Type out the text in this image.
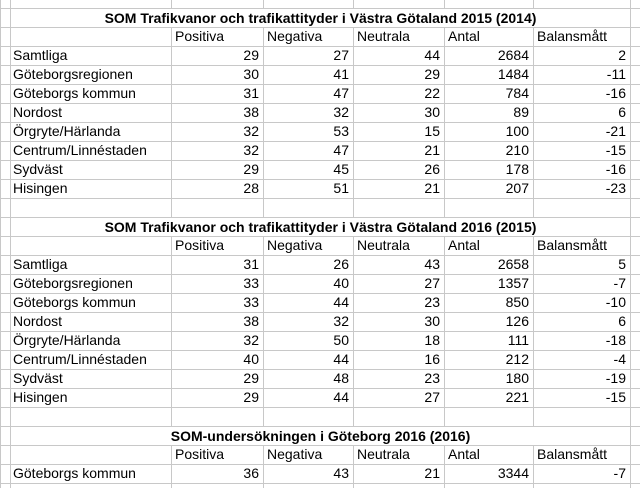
SOM Trafikvanor och trafikattityder i Västra Götaland 2015 (2014)
Positiva	Negativa	Neutrala	Antal	Balansmått
Samtliga	29	27	44	2684	2
Göteborgsregionen	30	41	29	1484	-11
Göteborgs kommun	31	47	22	784	-16
Nordost	38	32	30	89	6
Örgryte/Härlanda	32	53	15	100	-21
Centrum/Linnéstaden	32	47	21	210	-15
Sydväst	29	45	26	178	-16
Hisingen	28	51	21	207	-23
SOM Trafikvanor och trafikattityder i Västra Götaland 2016 (2015)
Positiva	Negativa	Neutrala	Antal	Balansmått
Samtliga	31	26	43	2658	5
Göteborgsregionen	33	40	27	1357	-7
Göteborgs kommun	33	44	23	850	-10
Nordost	38	32	30	126	6
Örgryte/Härlanda	32	50	18	111	-18
Centrum/Linnéstaden	40	44	16	212	-4
Sydväst	29	48	23	180	-19
Hisingen	29	44	27	221	-15
SOM-undersökningen i Göteborg 2016 (2016)
Positiva	Negativa	Neutrala	Antal	Balansmått
Göteborgs kommun	36	43	21	3344	-7
